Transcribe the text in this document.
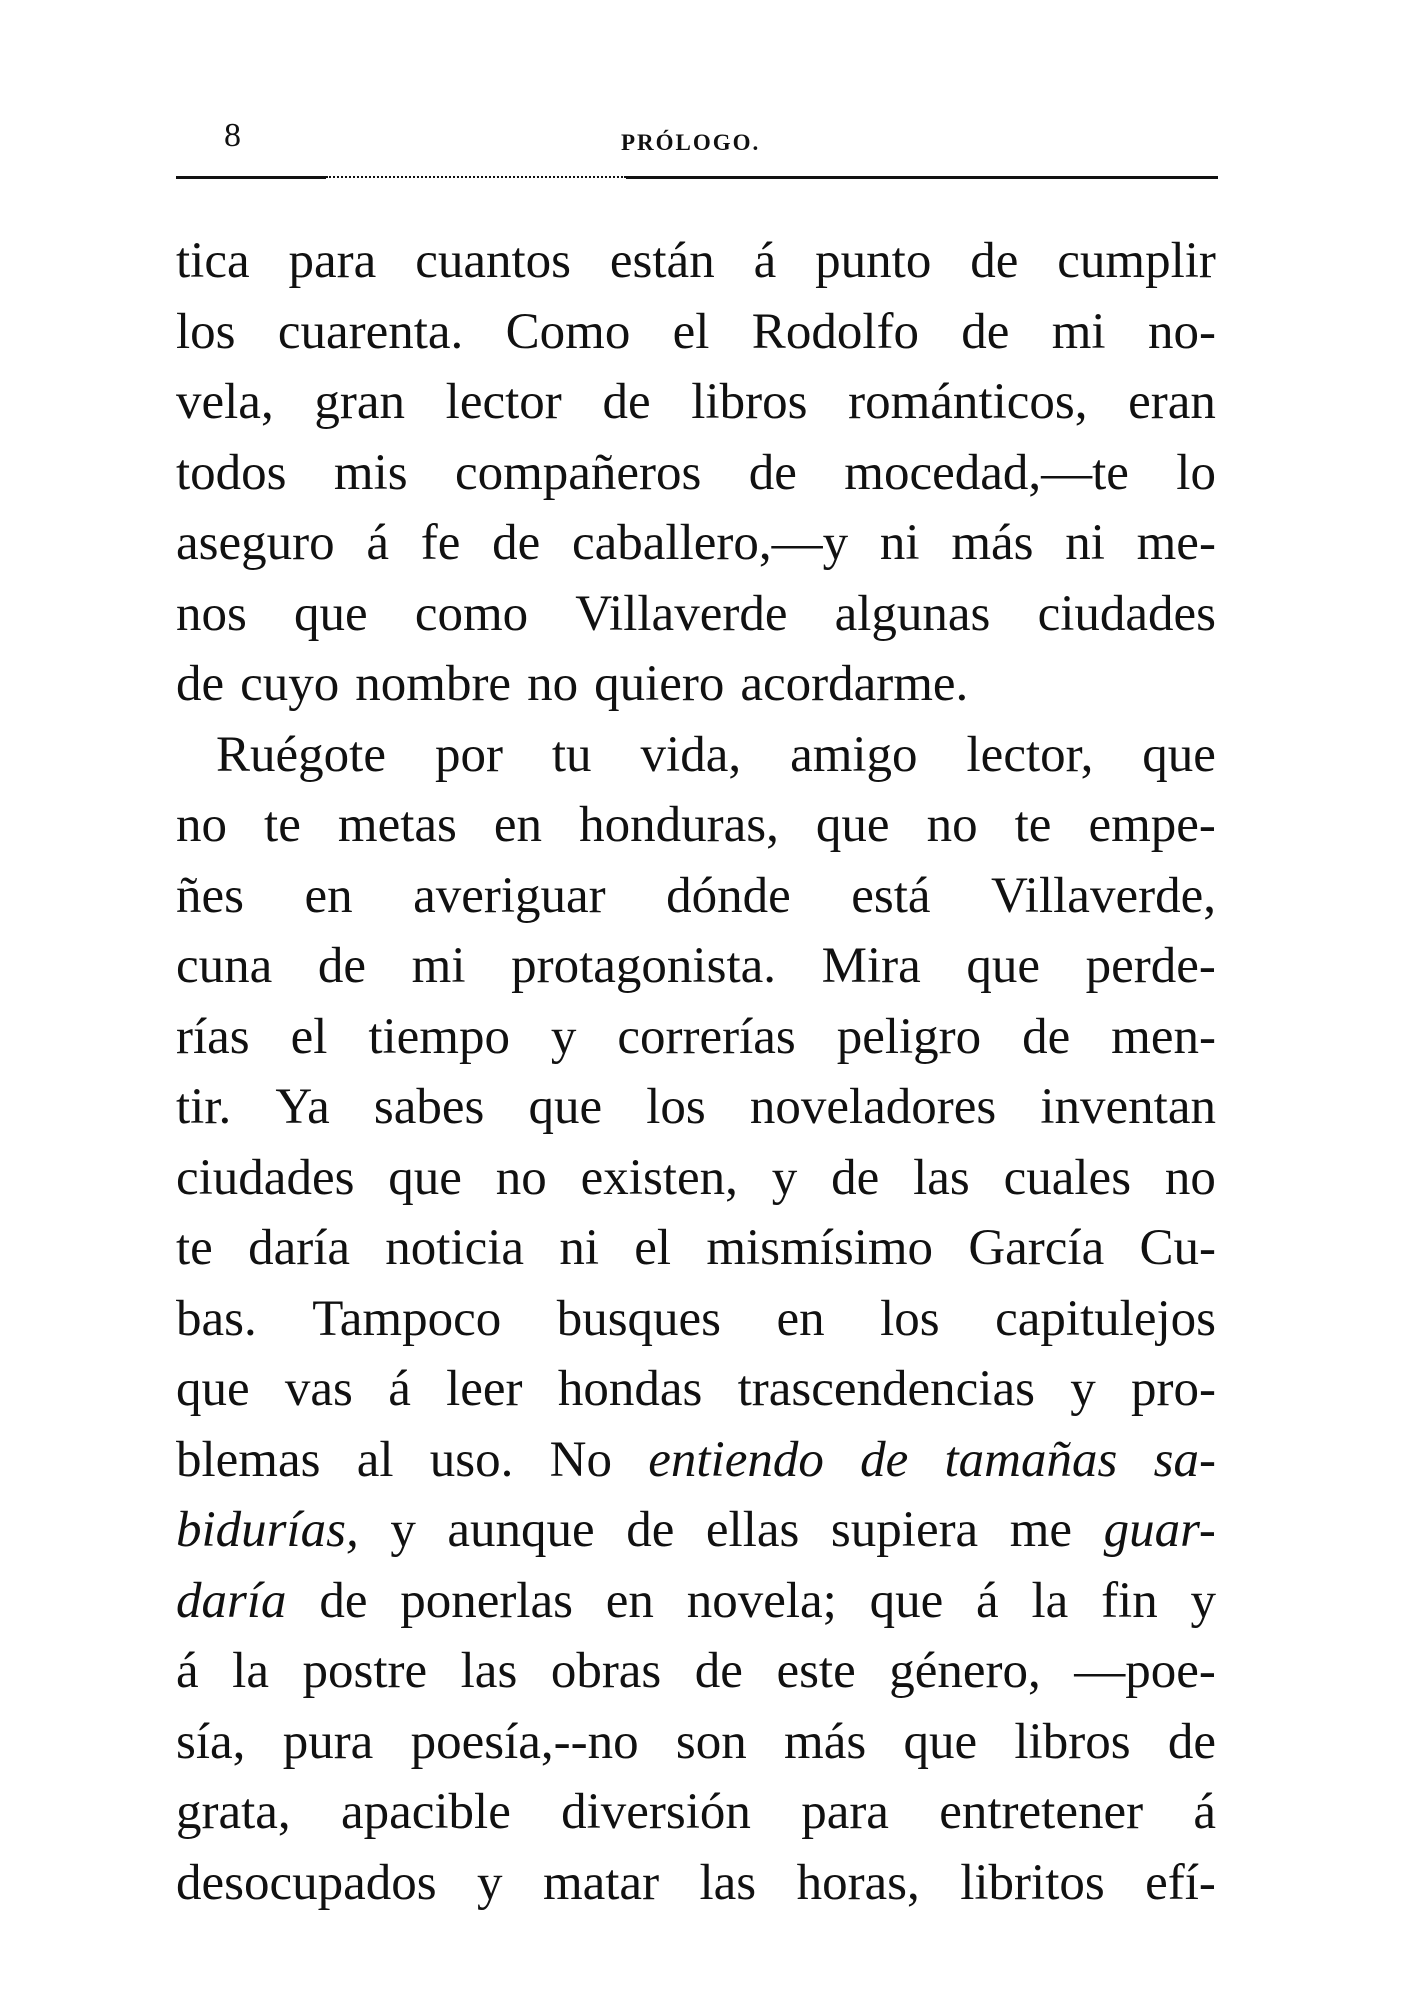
8	PRÓLOGO.
tica para cuantos están á punto de cumplir
los cuarenta. Como el Rodolfo de mi no-
vela, gran lector de libros románticos, eran
todos mis compañeros de mocedad,—te lo
aseguro á fe de caballero,—y ni más ni me-
nos que como Villaverde algunas ciudades
de cuyo nombre no quiero acordarme.
Ruégote por tu vida, amigo lector, que
no te metas en honduras, que no te empe-
ñes en averiguar dónde está Villaverde,
cuna de mi protagonista. Mira que perde-
rías el tiempo y correrías peligro de men-
tir. Ya sabes que los noveladores inventan
ciudades que no existen, y de las cuales no
te daría noticia ni el mismísimo García Cu-
bas. Tampoco busques en los capitulejos
que vas á leer hondas trascendencias y pro-
blemas al uso. No entiendo de tamañas sa-
bidurías, y aunque de ellas supiera me guar-
daría de ponerlas en novela; que á la fin y
á la postre las obras de este género, —poe-
sía, pura poesía,--no son más que libros de
grata, apacible diversión para entretener á
desocupados y matar las horas, libritos efí-
